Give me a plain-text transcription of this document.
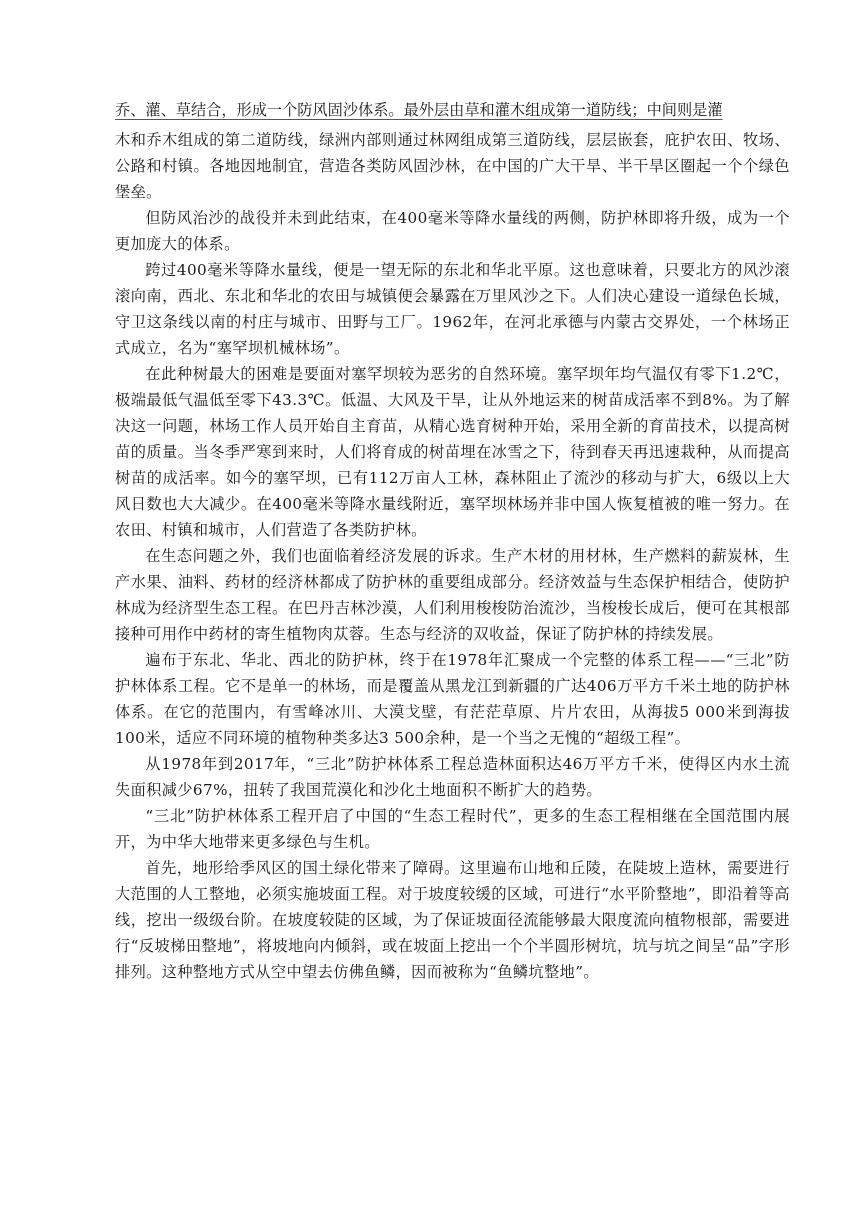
乔、灌、草结合，形成一个防风固沙体系。最外层由草和灌木组成第一道防线；中间则是灌

木和乔木组成的第二道防线，绿洲内部则通过林网组成第三道防线，层层嵌套，庇护农田、牧场、公路和村镇。各地因地制宜，营造各类防风固沙林，在中国的广大干旱、半干旱区圈起一个个绿色堡垒。

但防风治沙的战役并未到此结束，在400毫米等降水量线的两侧，防护林即将升级，成为一个更加庞大的体系。

跨过400毫米等降水量线，便是一望无际的东北和华北平原。这也意味着，只要北方的风沙滚滚向南，西北、东北和华北的农田与城镇便会暴露在万里风沙之下。人们决心建设一道绿色长城，守卫这条线以南的村庄与城市、田野与工厂。1962年，在河北承德与内蒙古交界处，一个林场正式成立，名为“塞罕坝机械林场”。

在此种树最大的困难是要面对塞罕坝较为恶劣的自然环境。塞罕坝年均气温仅有零下1.2℃，极端最低气温低至零下43.3℃。低温、大风及干旱，让从外地运来的树苗成活率不到8%。为了解决这一问题，林场工作人员开始自主育苗，从精心选育树种开始，采用全新的育苗技术，以提高树苗的质量。当冬季严寒到来时，人们将育成的树苗埋在冰雪之下，待到春天再迅速栽种，从而提高树苗的成活率。如今的塞罕坝，已有112万亩人工林，森林阻止了流沙的移动与扩大，6级以上大风日数也大大减少。在400毫米等降水量线附近，塞罕坝林场并非中国人恢复植被的唯一努力。在农田、村镇和城市，人们营造了各类防护林。

在生态问题之外，我们也面临着经济发展的诉求。生产木材的用材林，生产燃料的薪炭林，生产水果、油料、药材的经济林都成了防护林的重要组成部分。经济效益与生态保护相结合，使防护林成为经济型生态工程。在巴丹吉林沙漠，人们利用梭梭防治流沙，当梭梭长成后，便可在其根部接种可用作中药材的寄生植物肉苁蓉。生态与经济的双收益，保证了防护林的持续发展。

遍布于东北、华北、西北的防护林，终于在1978年汇聚成一个完整的体系工程——“三北”防护林体系工程。它不是单一的林场，而是覆盖从黑龙江到新疆的广达406万平方千米土地的防护林体系。在它的范围内，有雪峰冰川、大漠戈壁，有茫茫草原、片片农田，从海拔5 000米到海拔100米，适应不同环境的植物种类多达3 500余种，是一个当之无愧的“超级工程”。

从1978年到2017年，“三北”防护林体系工程总造林面积达46万平方千米，使得区内水土流失面积减少67%，扭转了我国荒漠化和沙化土地面积不断扩大的趋势。

“三北”防护林体系工程开启了中国的“生态工程时代”，更多的生态工程相继在全国范围内展开，为中华大地带来更多绿色与生机。

首先，地形给季风区的国土绿化带来了障碍。这里遍布山地和丘陵，在陡坡上造林，需要进行大范围的人工整地，必须实施坡面工程。对于坡度较缓的区域，可进行“水平阶整地”，即沿着等高线，挖出一级级台阶。在坡度较陡的区域，为了保证坡面径流能够最大限度流向植物根部，需要进行“反坡梯田整地”，将坡地向内倾斜，或在坡面上挖出一个个半圆形树坑，坑与坑之间呈“品”字形排列。这种整地方式从空中望去仿佛鱼鳞，因而被称为“鱼鳞坑整地”。
